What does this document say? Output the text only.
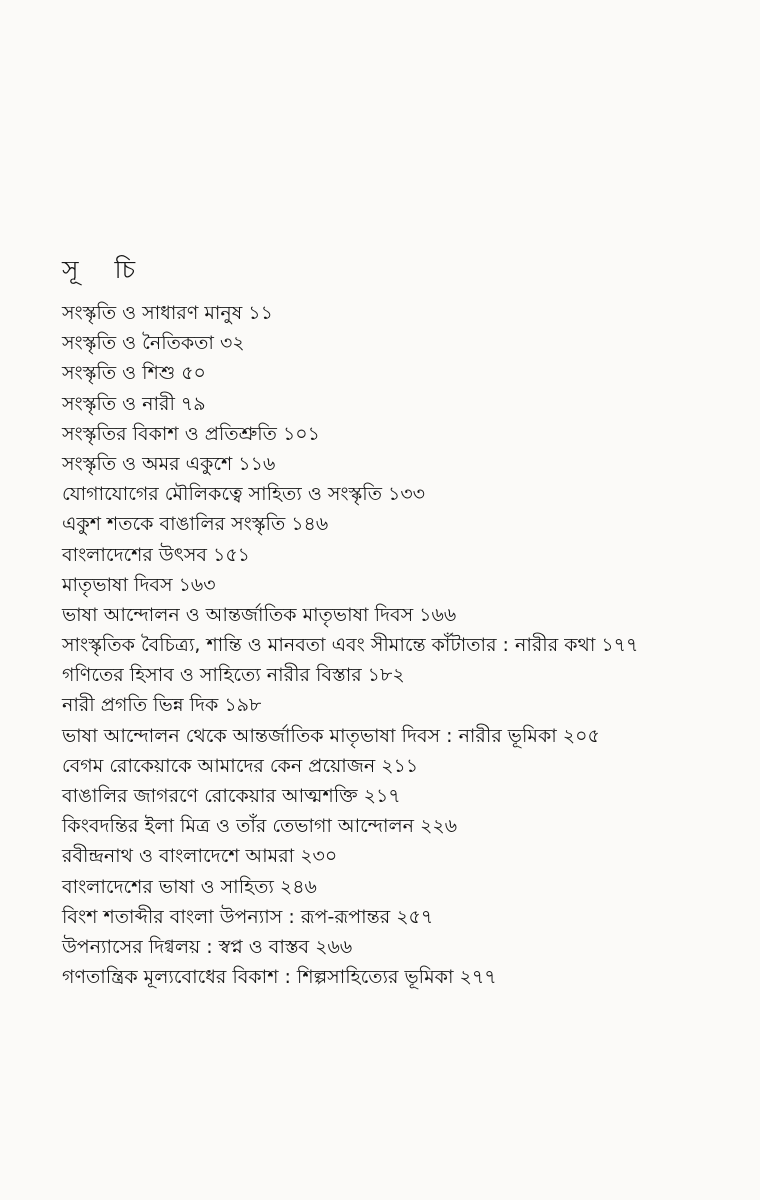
সূ চি
সংস্কৃতি ও সাধারণ মানুষ ১১
সংস্কৃতি ও নৈতিকতা ৩২
সংস্কৃতি ও শিশু ৫০
সংস্কৃতি ও নারী ৭৯
সংস্কৃতির বিকাশ ও প্রতিশ্রুতি ১০১
সংস্কৃতি ও অমর একুশে ১১৬
যোগাযোগের মৌলিকত্বে সাহিত্য ও সংস্কৃতি ১৩৩
একুশ শতকে বাঙালির সংস্কৃতি ১৪৬
বাংলাদেশের উৎসব ১৫১
মাতৃভাষা দিবস ১৬৩
ভাষা আন্দোলন ও আন্তর্জাতিক মাতৃভাষা দিবস ১৬৬
সাংস্কৃতিক বৈচিত্র্য, শান্তি ও মানবতা এবং সীমান্তে কাঁটাতার : নারীর কথা ১৭৭
গণিতের হিসাব ও সাহিত্যে নারীর বিস্তার ১৮২
নারী প্রগতি ভিন্ন দিক ১৯৮
ভাষা আন্দোলন থেকে আন্তর্জাতিক মাতৃভাষা দিবস : নারীর ভূমিকা ২০৫
বেগম রোকেয়াকে আমাদের কেন প্রয়োজন ২১১
বাঙালির জাগরণে রোকেয়ার আত্মশক্তি ২১৭
কিংবদন্তির ইলা মিত্র ও তাঁর তেভাগা আন্দোলন ২২৬
রবীন্দ্রনাথ ও বাংলাদেশে আমরা ২৩০
বাংলাদেশের ভাষা ও সাহিত্য ২৪৬
বিংশ শতাব্দীর বাংলা উপন্যাস : রূপ-রূপান্তর ২৫৭
উপন্যাসের দিগ্বলয় : স্বপ্ন ও বাস্তব ২৬৬
গণতান্ত্রিক মূল্যবোধের বিকাশ : শিল্পসাহিত্যের ভূমিকা ২৭৭
